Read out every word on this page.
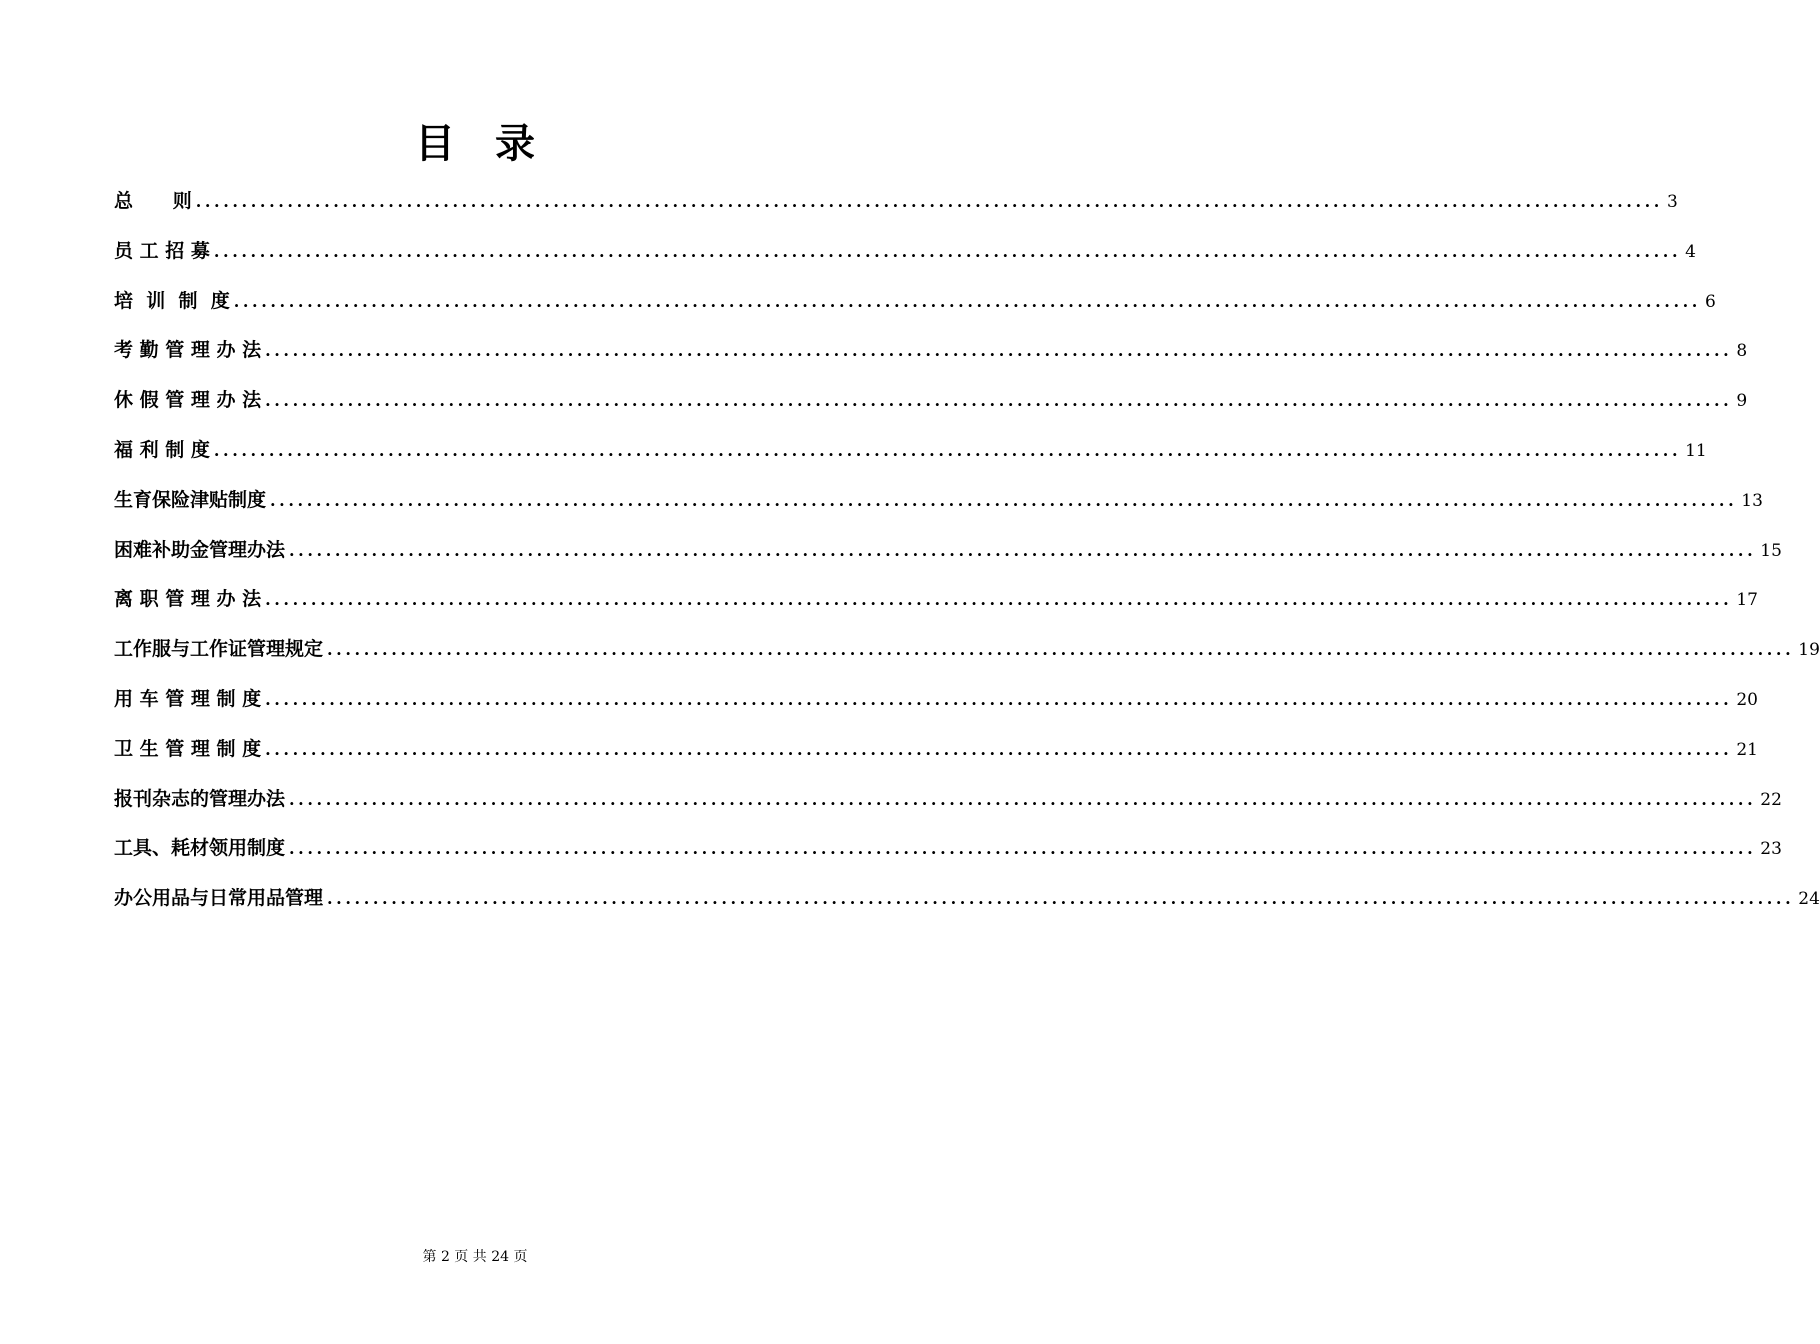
目 录
总      则 ................................................................................................................................................................ 3
员 工 招 募 ................................................................................................................................................................ 4
培  训  制  度 ................................................................................................................................................................ 6
考 勤 管 理 办 法 ................................................................................................................................................................ 8
休 假 管 理 办 法 ................................................................................................................................................................ 9
福 利 制 度 ................................................................................................................................................................ 11
生育保险津贴制度 ................................................................................................................................................................ 13
困难补助金管理办法 ................................................................................................................................................................ 15
离 职 管 理 办 法 ................................................................................................................................................................ 17
工作服与工作证管理规定 ................................................................................................................................................................ 19
用 车 管 理 制 度 ................................................................................................................................................................ 20
卫 生 管 理 制 度 ................................................................................................................................................................ 21
报刊杂志的管理办法 ................................................................................................................................................................ 22
工具、耗材领用制度 ................................................................................................................................................................ 23
办公用品与日常用品管理 ................................................................................................................................................................ 24
第 2 页 共 24 页
